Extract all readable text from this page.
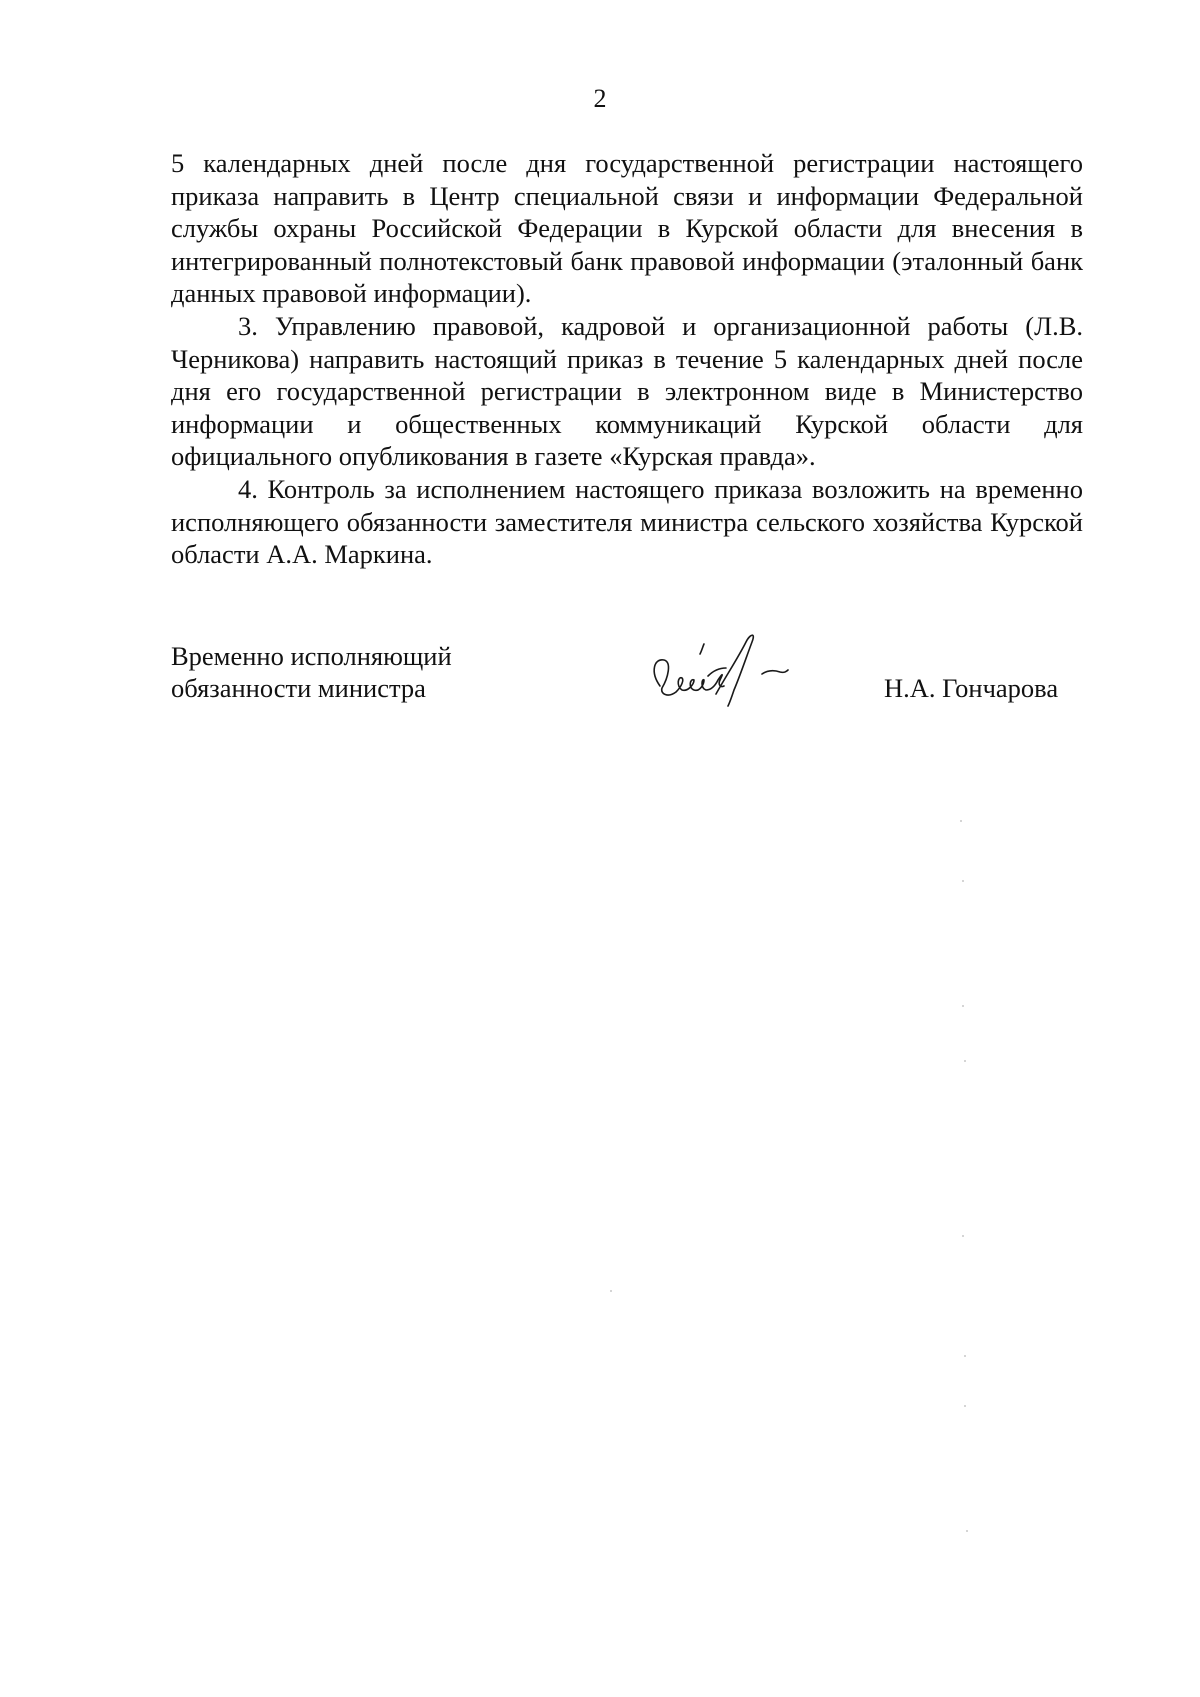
2

5 календарных дней после дня государственной регистрации настоящего приказа направить в Центр специальной связи и информации Федеральной службы охраны Российской Федерации в Курской области для внесения в интегрированный полнотекстовый банк правовой информации (эталонный банк данных правовой информации).

3. Управлению правовой, кадровой и организационной работы (Л.В. Черникова) направить настоящий приказ в течение 5 календарных дней после дня его государственной регистрации в электронном виде в Министерство информации и общественных коммуникаций Курской области для официального опубликования в газете «Курская правда».

4. Контроль за исполнением настоящего приказа возложить на временно исполняющего обязанности заместителя министра сельского хозяйства Курской области А.А. Маркина.

Временно исполняющий
обязанности министра	Н.А. Гончарова
